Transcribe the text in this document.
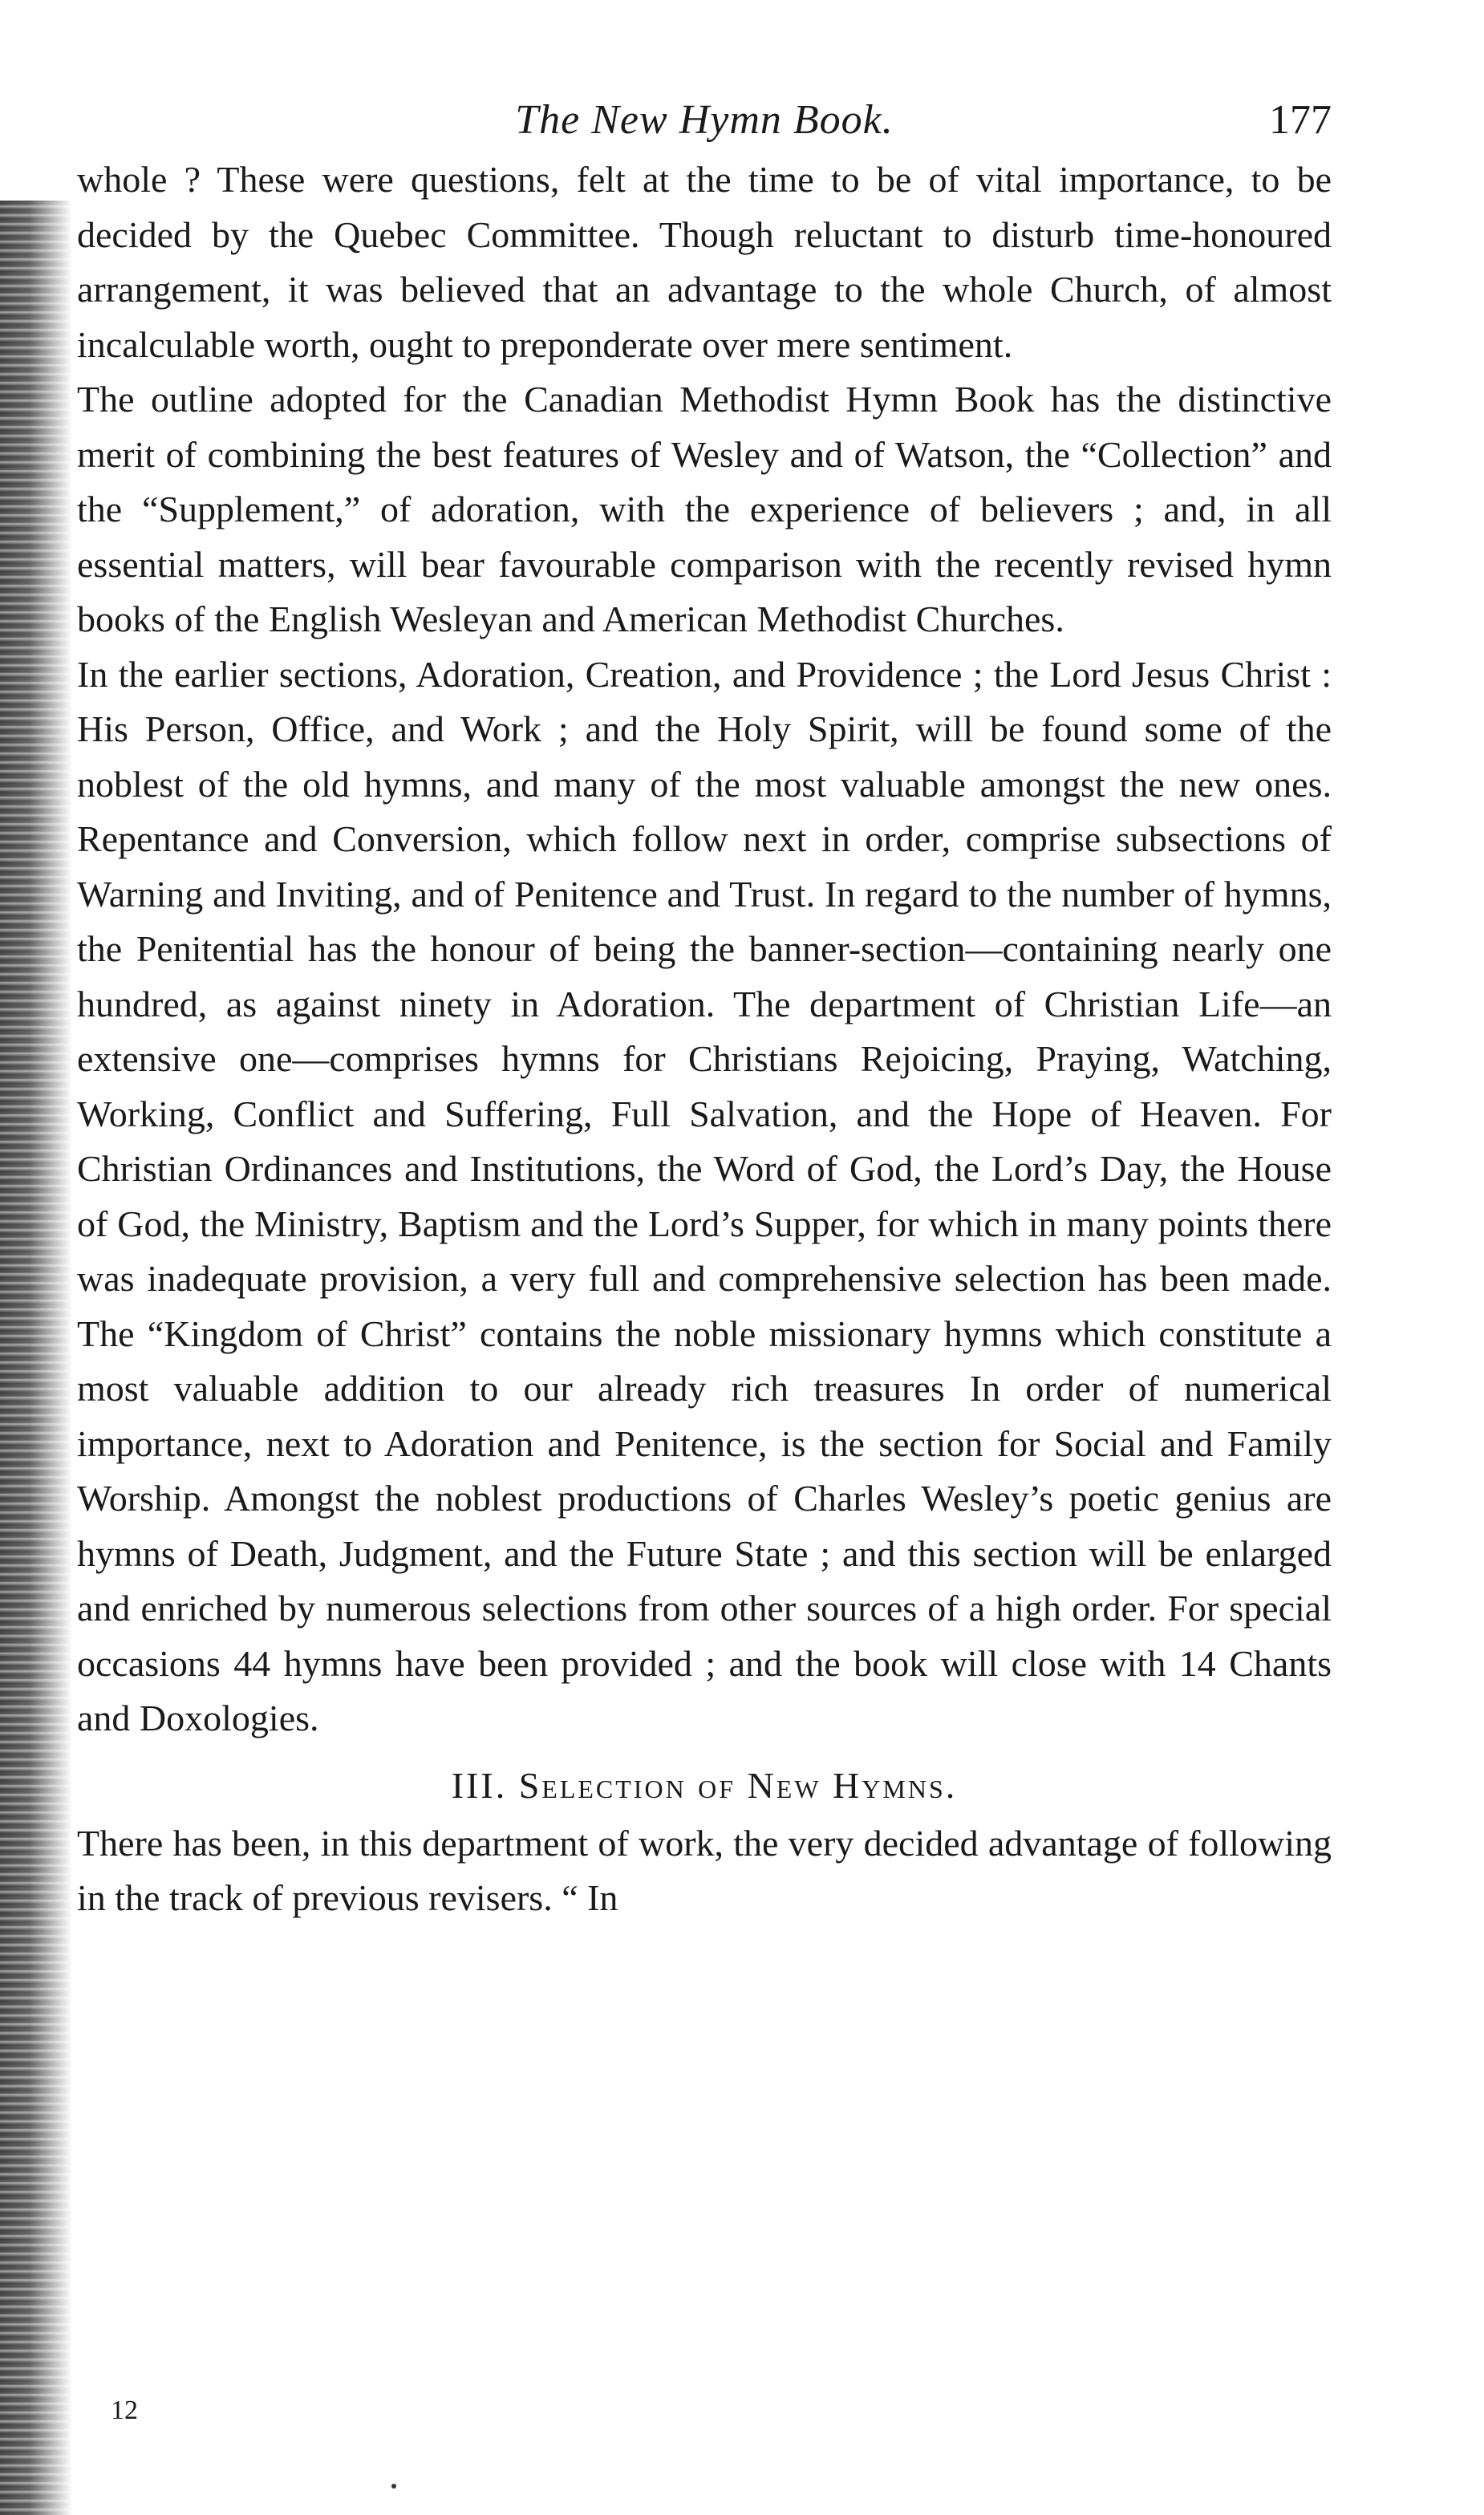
The New Hymn Book.	177

whole ? These were questions, felt at the time to be of vital importance, to be decided by the Quebec Committee. Though reluctant to disturb time-honoured arrangement, it was believed that an advantage to the whole Church, of almost incalculable worth, ought to preponderate over mere sentiment.

The outline adopted for the Canadian Methodist Hymn Book has the distinctive merit of combining the best features of Wesley and of Watson, the “Collection” and the “Supplement,” of adoration, with the experience of believers ; and, in all essential matters, will bear favourable comparison with the recently revised hymn books of the English Wesleyan and American Methodist Churches.

In the earlier sections, Adoration, Creation, and Providence ; the Lord Jesus Christ : His Person, Office, and Work ; and the Holy Spirit, will be found some of the noblest of the old hymns, and many of the most valuable amongst the new ones. Repentance and Conversion, which follow next in order, comprise subsections of Warning and Inviting, and of Penitence and Trust. In regard to the number of hymns, the Penitential has the honour of being the banner-section—containing nearly one hundred, as against ninety in Adoration. The department of Christian Life—an extensive one—comprises hymns for Christians Rejoicing, Praying, Watching, Working, Conflict and Suffering, Full Salvation, and the Hope of Heaven. For Christian Ordinances and Institutions, the Word of God, the Lord’s Day, the House of God, the Ministry, Baptism and the Lord’s Supper, for which in many points there was inadequate provision, a very full and comprehensive selection has been made. The “Kingdom of Christ” contains the noble missionary hymns which constitute a most valuable addition to our already rich treasures In order of numerical importance, next to Adoration and Penitence, is the section for Social and Family Worship. Amongst the noblest productions of Charles Wesley’s poetic genius are hymns of Death, Judgment, and the Future State ; and this section will be enlarged and enriched by numerous selections from other sources of a high order. For special occasions 44 hymns have been provided ; and the book will close with 14 Chants and Doxologies.

III. Selection of New Hymns.

There has been, in this department of work, the very decided advantage of following in the track of previous revisers. “ In

12
